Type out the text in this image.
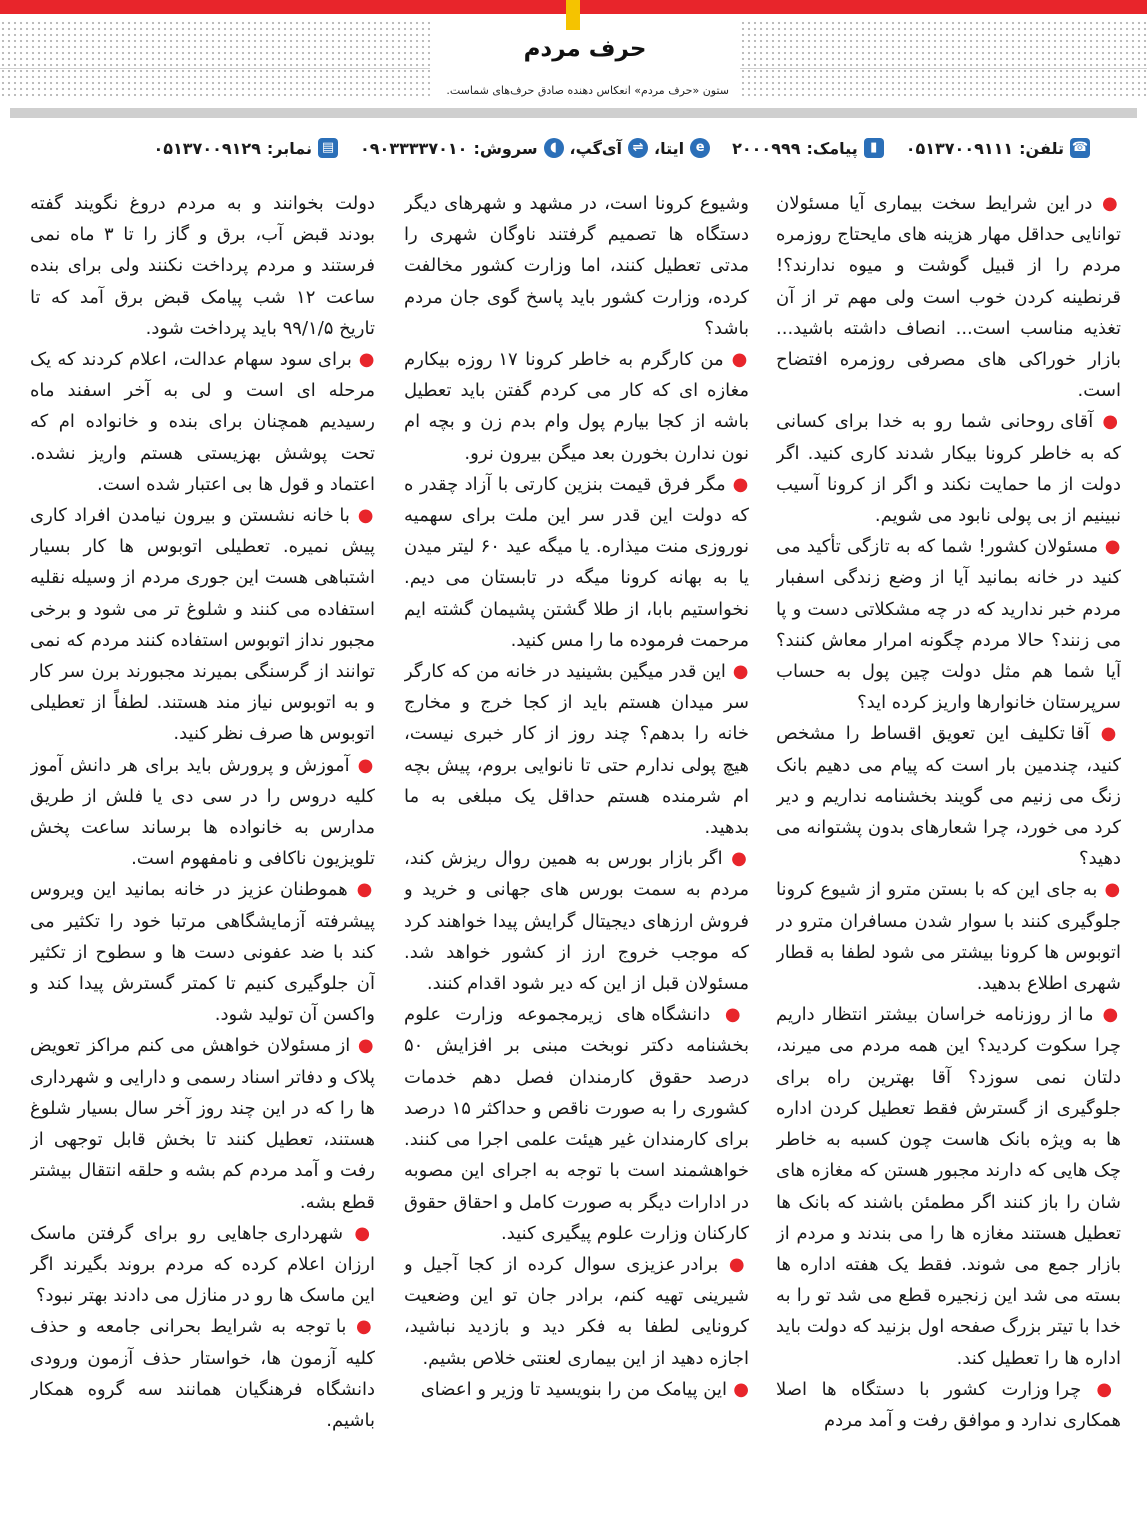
حرف مردم
ستون «حرف مردم» انعکاس دهنده صادق حرف‌های شماست.
☎
تلفن:
۰۵۱۳۷۰۰۹۱۱۱
▮
پیامک:
۲۰۰۰۹۹۹
e
ایتا،
⇌
آی‌گپ،
◖
سروش:
۰۹۰۳۳۳۳۷۰۱۰
▤
نمابر:
۰۵۱۳۷۰۰۹۱۲۹

● در این شرایط سخت بیماری آیا مسئولان توانایی حداقل مهار هزینه های مایحتاج روزمره مردم را از قبیل گوشت و میوه ندارند؟! قرنطینه کردن خوب است ولی مهم تر از آن تغذیه مناسب است... انصاف داشته باشید... بازار خوراکی های مصرفی روزمره افتضاح است.

● آقای روحانی شما رو به خدا برای کسانی که به خاطر کرونا بیکار شدند کاری کنید. اگر دولت از ما حمایت نکند و اگر از کرونا آسیب نبینیم از بی پولی نابود می شویم.

● مسئولان کشور! شما که به تازگی تأکید می کنید در خانه بمانید آیا از وضع زندگی اسفبار مردم خبر ندارید که در چه مشکلاتی دست و پا می زنند؟ حالا مردم چگونه امرار معاش کنند؟ آیا شما هم مثل دولت چین پول به حساب سرپرستان خانوارها واریز کرده اید؟

● آقا تکلیف این تعویق اقساط را مشخص کنید، چندمین بار است که پیام می دهیم بانک زنگ می زنیم می گویند بخشنامه نداریم و دیر کرد می خورد، چرا شعارهای بدون پشتوانه می دهید؟

● به جای این که با بستن مترو از شیوع کرونا جلوگیری کنند با سوار شدن مسافران مترو در اتوبوس ها کرونا بیشتر می شود لطفا به قطار شهری اطلاع بدهید.

● ما از روزنامه خراسان بیشتر انتظار داریم چرا سکوت کردید؟ این همه مردم می میرند، دلتان نمی سوزد؟ آقا بهترین راه برای جلوگیری از گسترش فقط تعطیل کردن اداره ها به ویژه بانک هاست چون کسبه به خاطر چک هایی که دارند مجبور هستن که مغازه های شان را باز کنند اگر مطمئن باشند که بانک ها تعطیل هستند مغازه ها را می بندند و مردم از بازار جمع می شوند. فقط یک هفته اداره ها بسته می شد این زنجیره قطع می شد تو را به خدا با تیتر بزرگ صفحه اول بزنید که دولت باید اداره ها را تعطیل کند.

● چرا وزارت کشور با دستگاه ها اصلا همکاری ندارد و موافق رفت و آمد مردم

وشیوع کرونا است، در مشهد و شهرهای دیگر دستگاه ها تصمیم گرفتند ناوگان شهری را مدتی تعطیل کنند، اما وزارت کشور مخالفت کرده، وزارت کشور باید پاسخ گوی جان مردم باشد؟

● من کارگرم به خاطر کرونا ۱۷ روزه بیکارم مغازه ای که کار می کردم گفتن باید تعطیل باشه از کجا بیارم پول وام بدم زن و بچه ام نون ندارن بخورن بعد میگن بیرون نرو.

● مگر فرق قیمت بنزین کارتی با آزاد چقدر ه که دولت این قدر سر این ملت برای سهمیه نوروزی منت میذاره. یا میگه عید ۶۰ لیتر میدن یا به بهانه کرونا میگه در تابستان می دیم. نخواستیم بابا، از طلا گشتن پشیمان گشته ایم مرحمت فرموده ما را مس کنید.

● این قدر میگین بشینید در خانه من که کارگر سر میدان هستم باید از کجا خرج و مخارج خانه را بدهم؟ چند روز از کار خبری نیست، هیچ پولی ندارم حتی تا نانوایی بروم، پیش بچه ام شرمنده هستم حداقل یک مبلغی به ما بدهید.

● اگر بازار بورس به همین روال ریزش کند، مردم به سمت بورس های جهانی و خرید و فروش ارزهای دیجیتال گرایش پیدا خواهند کرد که موجب خروج ارز از کشور خواهد شد. مسئولان قبل از این که دیر شود اقدام کنند.

● دانشگاه های زیرمجموعه وزارت علوم بخشنامه دکتر نوبخت مبنی بر افزایش ۵۰ درصد حقوق کارمندان فصل دهم خدمات کشوری را به صورت ناقص و حداکثر ۱۵ درصد برای کارمندان غیر هیئت علمی اجرا می کنند. خواهشمند است با توجه به اجرای این مصوبه در ادارات دیگر به صورت کامل و احقاق حقوق کارکنان وزارت علوم پیگیری کنید.

● برادر عزیزی سوال کرده از کجا آجیل و شیرینی تهیه کنم، برادر جان تو این وضعیت کرونایی لطفا به فکر دید و بازدید نباشید، اجازه دهید از این بیماری لعنتی خلاص بشیم.

● این پیامک من را بنویسید تا وزیر و اعضای

دولت بخوانند و به مردم دروغ نگویند گفته بودند قبض آب، برق و گاز را تا ۳ ماه نمی فرستند و مردم پرداخت نکنند ولی برای بنده ساعت ۱۲ شب پیامک قبض برق آمد که تا تاریخ ۹۹/۱/۵ باید پرداخت شود.

● برای سود سهام عدالت، اعلام کردند که یک مرحله ای است و لی به آخر اسفند ماه رسیدیم همچنان برای بنده و خانواده ام که تحت پوشش بهزیستی هستم واریز نشده. اعتماد و قول ها بی اعتبار شده است.

● با خانه نشستن و بیرون نیامدن افراد کاری پیش نمیره. تعطیلی اتوبوس ها کار بسیار اشتباهی هست این جوری مردم از وسیله نقلیه استفاده می کنند و شلوغ تر می شود و برخی مجبور نداز اتوبوس استفاده کنند مردم که نمی توانند از گرسنگی بمیرند مجبورند برن سر کار و به اتوبوس نیاز مند هستند. لطفاً از تعطیلی اتوبوس ها صرف نظر کنید.

● آموزش و پرورش باید برای هر دانش آموز کلیه دروس را در سی دی یا فلش از طریق مدارس به خانواده ها برساند ساعت پخش تلویزیون ناکافی و نامفهوم است.

● هموطنان عزیز در خانه بمانید این ویروس پیشرفته آزمایشگاهی مرتبا خود را تکثیر می کند با ضد عفونی دست ها و سطوح از تکثیر آن جلوگیری کنیم تا کمتر گسترش پیدا کند و واکسن آن تولید شود.

● از مسئولان خواهش می کنم مراکز تعویض پلاک و دفاتر اسناد رسمی و دارایی و شهرداری ها را که در این چند روز آخر سال بسیار شلوغ هستند، تعطیل کنند تا بخش قابل توجهی از رفت و آمد مردم کم بشه و حلقه انتقال بیشتر قطع بشه.

● شهرداری جاهایی رو برای گرفتن ماسک ارزان اعلام کرده که مردم بروند بگیرند اگر این ماسک ها رو در منازل می دادند بهتر نبود؟

● با توجه به شرایط بحرانی جامعه و حذف کلیه آزمون ها، خواستار حذف آزمون ورودی دانشگاه فرهنگیان همانند سه گروه همکار باشیم.
